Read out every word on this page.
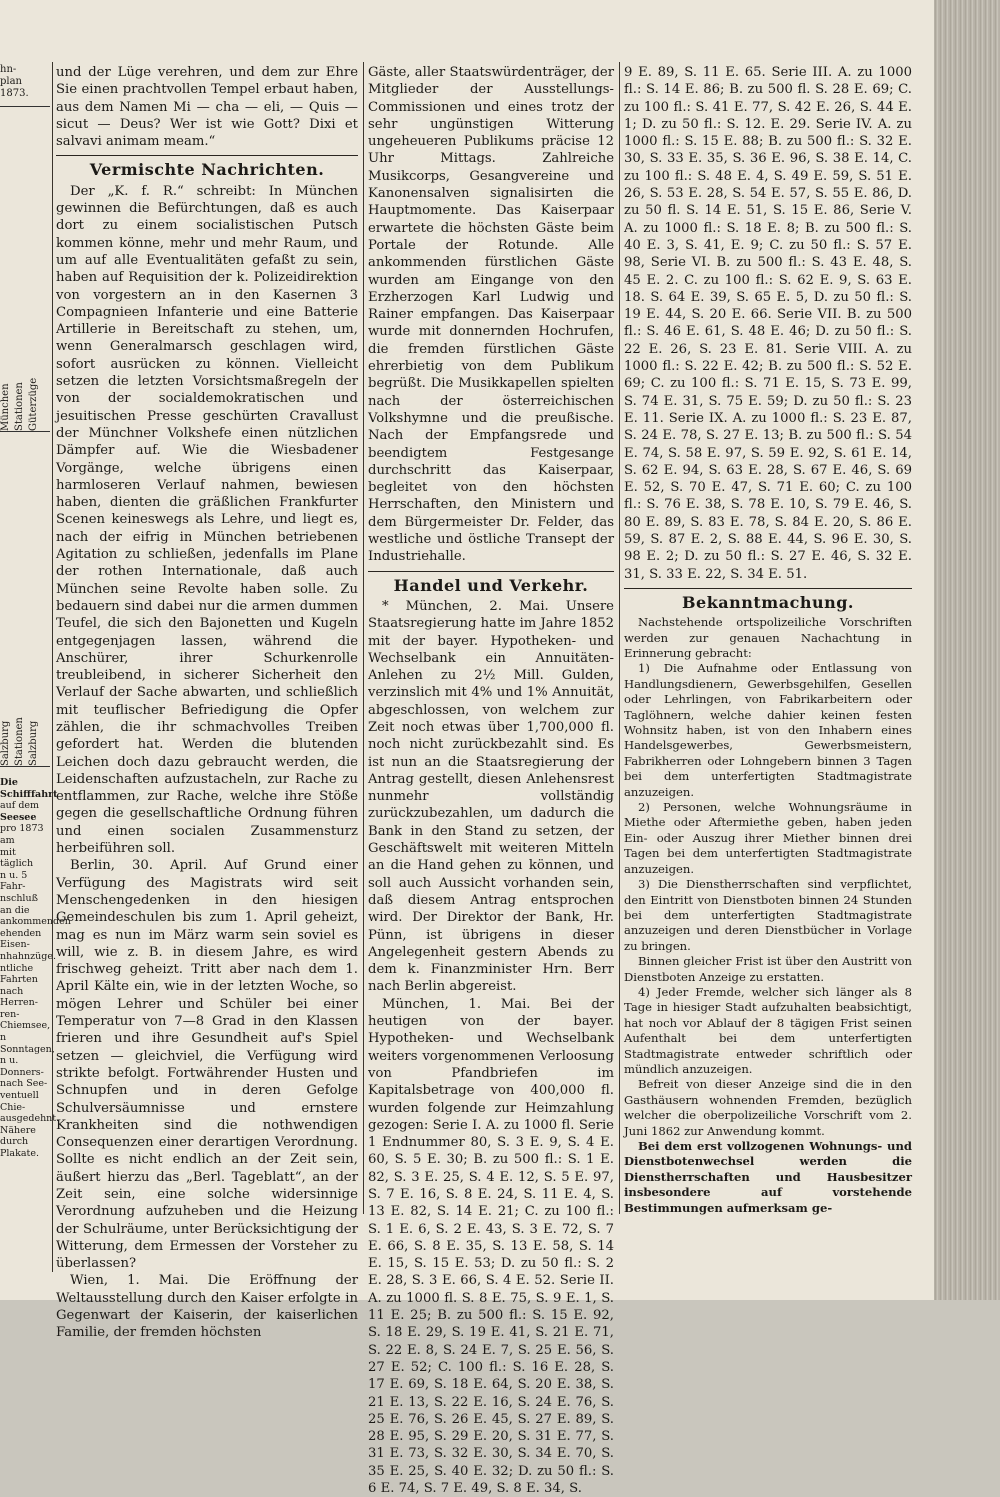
hn-
plan
1873.
München Stationen Güterzüge
Salzburg Stationen Salzburg
Die
Schifffahrt
auf dem
Seesee
pro 1873 am
mit täglich
n u. 5 Fahr-
nschluß an die
ankommenden
ehenden Eisen-
nhahnzüge.
ntliche Fahrten
nach Herren-
ren-Chiemsee,
n Sonntagen,
n u. Donners-
nach See-
ventuell Chie-
ausgedehnt.
Nähere durch
Plakate.

und der Lüge verehren, und dem zur Ehre Sie einen prachtvollen Tempel erbaut haben, aus dem Namen Mi — cha — eli, — Quis — sicut — Deus? Wer ist wie Gott? Dixi et salvavi animam meam.“

Vermischte Nachrichten.

Der „K. f. R.“ schreibt: In München gewinnen die Befürchtungen, daß es auch dort zu einem socialistischen Putsch kommen könne, mehr und mehr Raum, und um auf alle Eventualitäten gefaßt zu sein, haben auf Requisition der k. Polizeidirektion von vorgestern an in den Kasernen 3 Compagnieen Infanterie und eine Batterie Artillerie in Bereitschaft zu stehen, um, wenn Generalmarsch geschlagen wird, sofort ausrücken zu können. Vielleicht setzen die letzten Vorsichtsmaßregeln der von der socialdemokratischen und jesuitischen Presse geschürten Cravallust der Münchner Volkshefe einen nützlichen Dämpfer auf. Wie die Wiesbadener Vorgänge, welche übrigens einen harmloseren Verlauf nahmen, bewiesen haben, dienten die gräßlichen Frankfurter Scenen keineswegs als Lehre, und liegt es, nach der eifrig in München betriebenen Agitation zu schließen, jedenfalls im Plane der rothen Internationale, daß auch München seine Revolte haben solle. Zu bedauern sind dabei nur die armen dummen Teufel, die sich den Bajonetten und Kugeln entgegenjagen lassen, während die Anschürer, ihrer Schurkenrolle treubleibend, in sicherer Sicherheit den Verlauf der Sache abwarten, und schließlich mit teuflischer Befriedigung die Opfer zählen, die ihr schmachvolles Treiben gefordert hat. Werden die blutenden Leichen doch dazu gebraucht werden, die Leidenschaften aufzustacheln, zur Rache zu entflammen, zur Rache, welche ihre Stöße gegen die gesellschaftliche Ordnung führen und einen socialen Zusammensturz herbeiführen soll.

Berlin, 30. April. Auf Grund einer Verfügung des Magistrats wird seit Menschengedenken in den hiesigen Gemeindeschulen bis zum 1. April geheizt, mag es nun im März warm sein soviel es will, wie z. B. in diesem Jahre, es wird frischweg geheizt. Tritt aber nach dem 1. April Kälte ein, wie in der letzten Woche, so mögen Lehrer und Schüler bei einer Temperatur von 7—8 Grad in den Klassen frieren und ihre Gesundheit auf's Spiel setzen — gleichviel, die Verfügung wird strikte befolgt. Fortwährender Husten und Schnupfen und in deren Gefolge Schulversäumnisse und ernstere Krankheiten sind die nothwendigen Consequenzen einer derartigen Verordnung. Sollte es nicht endlich an der Zeit sein, äußert hierzu das „Berl. Tageblatt“, an der Zeit sein, eine solche widersinnige Verordnung aufzuheben und die Heizung der Schulräume, unter Berücksichtigung der Witterung, dem Ermessen der Vorsteher zu überlassen?

Wien, 1. Mai. Die Eröffnung der Weltausstellung durch den Kaiser erfolgte in Gegenwart der Kaiserin, der kaiserlichen Familie, der fremden höchsten

Gäste, aller Staatswürdenträger, der Mitglieder der Ausstellungs-Commissionen und eines trotz der sehr ungünstigen Witterung ungeheueren Publikums präcise 12 Uhr Mittags. Zahlreiche Musikcorps, Gesangvereine und Kanonensalven signalisirten die Hauptmomente. Das Kaiserpaar erwartete die höchsten Gäste beim Portale der Rotunde. Alle ankommenden fürstlichen Gäste wurden am Eingange von den Erzherzogen Karl Ludwig und Rainer empfangen. Das Kaiserpaar wurde mit donnernden Hochrufen, die fremden fürstlichen Gäste ehrerbietig von dem Publikum begrüßt. Die Musikkapellen spielten nach der österreichischen Volkshymne und die preußische. Nach der Empfangsrede und beendigtem Festgesange durchschritt das Kaiserpaar, begleitet von den höchsten Herrschaften, den Ministern und dem Bürgermeister Dr. Felder, das westliche und östliche Transept der Industriehalle.

Handel und Verkehr.

* München, 2. Mai. Unsere Staatsregierung hatte im Jahre 1852 mit der bayer. Hypotheken- und Wechselbank ein Annuitäten-Anlehen zu 2½ Mill. Gulden, verzinslich mit 4% und 1% Annuität, abgeschlossen, von welchem zur Zeit noch etwas über 1,700,000 fl. noch nicht zurückbezahlt sind. Es ist nun an die Staatsregierung der Antrag gestellt, diesen Anlehensrest nunmehr vollständig zurückzubezahlen, um dadurch die Bank in den Stand zu setzen, der Geschäftswelt mit weiteren Mitteln an die Hand gehen zu können, und soll auch Aussicht vorhanden sein, daß diesem Antrag entsprochen wird. Der Direktor der Bank, Hr. Pünn, ist übrigens in dieser Angelegenheit gestern Abends zu dem k. Finanzminister Hrn. Berr nach Berlin abgereist.

München, 1. Mai. Bei der heutigen von der bayer. Hypotheken- und Wechselbank weiters vorgenommenen Verloosung von Pfandbriefen im Kapitalsbetrage von 400,000 fl. wurden folgende zur Heimzahlung gezogen: Serie I. A. zu 1000 fl. Serie 1 Endnummer 80, S. 3 E. 9, S. 4 E. 60, S. 5 E. 30; B. zu 500 fl.: S. 1 E. 82, S. 3 E. 25, S. 4 E. 12, S. 5 E. 97, S. 7 E. 16, S. 8 E. 24, S. 11 E. 4, S. 13 E. 82, S. 14 E. 21; C. zu 100 fl.: S. 1 E. 6, S. 2 E. 43, S. 3 E. 72, S. 7 E. 66, S. 8 E. 35, S. 13 E. 58, S. 14 E. 15, S. 15 E. 53; D. zu 50 fl.: S. 2 E. 28, S. 3 E. 66, S. 4 E. 52. Serie II. A. zu 1000 fl. S. 8 E. 75, S. 9 E. 1, S. 11 E. 25; B. zu 500 fl.: S. 15 E. 92, S. 18 E. 29, S. 19 E. 41, S. 21 E. 71, S. 22 E. 8, S. 24 E. 7, S. 25 E. 56, S. 27 E. 52; C. 100 fl.: S. 16 E. 28, S. 17 E. 69, S. 18 E. 64, S. 20 E. 38, S. 21 E. 13, S. 22 E. 16, S. 24 E. 76, S. 25 E. 76, S. 26 E. 45, S. 27 E. 89, S. 28 E. 95, S. 29 E. 20, S. 31 E. 77, S. 31 E. 73, S. 32 E. 30, S. 34 E. 70, S. 35 E. 25, S. 40 E. 32; D. zu 50 fl.: S. 6 E. 74, S. 7 E. 49, S. 8 E. 34, S.

9 E. 89, S. 11 E. 65. Serie III. A. zu 1000 fl.: S. 14 E. 86; B. zu 500 fl. S. 28 E. 69; C. zu 100 fl.: S. 41 E. 77, S. 42 E. 26, S. 44 E. 1; D. zu 50 fl.: S. 12. E. 29. Serie IV. A. zu 1000 fl.: S. 15 E. 88; B. zu 500 fl.: S. 32 E. 30, S. 33 E. 35, S. 36 E. 96, S. 38 E. 14, C. zu 100 fl.: S. 48 E. 4, S. 49 E. 59, S. 51 E. 26, S. 53 E. 28, S. 54 E. 57, S. 55 E. 86, D. zu 50 fl. S. 14 E. 51, S. 15 E. 86, Serie V. A. zu 1000 fl.: S. 18 E. 8; B. zu 500 fl.: S. 40 E. 3, S. 41, E. 9; C. zu 50 fl.: S. 57 E. 98, Serie VI. B. zu 500 fl.: S. 43 E. 48, S. 45 E. 2. C. zu 100 fl.: S. 62 E. 9, S. 63 E. 18. S. 64 E. 39, S. 65 E. 5, D. zu 50 fl.: S. 19 E. 44, S. 20 E. 66. Serie VII. B. zu 500 fl.: S. 46 E. 61, S. 48 E. 46; D. zu 50 fl.: S. 22 E. 26, S. 23 E. 81. Serie VIII. A. zu 1000 fl.: S. 22 E. 42; B. zu 500 fl.: S. 52 E. 69; C. zu 100 fl.: S. 71 E. 15, S. 73 E. 99, S. 74 E. 31, S. 75 E. 59; D. zu 50 fl.: S. 23 E. 11. Serie IX. A. zu 1000 fl.: S. 23 E. 87, S. 24 E. 78, S. 27 E. 13; B. zu 500 fl.: S. 54 E. 74, S. 58 E. 97, S. 59 E. 92, S. 61 E. 14, S. 62 E. 94, S. 63 E. 28, S. 67 E. 46, S. 69 E. 52, S. 70 E. 47, S. 71 E. 60; C. zu 100 fl.: S. 76 E. 38, S. 78 E. 10, S. 79 E. 46, S. 80 E. 89, S. 83 E. 78, S. 84 E. 20, S. 86 E. 59, S. 87 E. 2, S. 88 E. 44, S. 96 E. 30, S. 98 E. 2; D. zu 50 fl.: S. 27 E. 46, S. 32 E. 31, S. 33 E. 22, S. 34 E. 51.

Bekanntmachung.

Nachstehende ortspolizeiliche Vorschriften werden zur genauen Nachachtung in Erinnerung gebracht:

1) Die Aufnahme oder Entlassung von Handlungsdienern, Gewerbsgehilfen, Gesellen oder Lehrlingen, von Fabrikarbeitern oder Taglöhnern, welche dahier keinen festen Wohnsitz haben, ist von den Inhabern eines Handelsgewerbes, Gewerbsmeistern, Fabrikherren oder Lohngebern binnen 3 Tagen bei dem unterfertigten Stadtmagistrate anzuzeigen.

2) Personen, welche Wohnungsräume in Miethe oder Aftermiethe geben, haben jeden Ein- oder Auszug ihrer Miether binnen drei Tagen bei dem unterfertigten Stadtmagistrate anzuzeigen.

3) Die Dienstherrschaften sind verpflichtet, den Eintritt von Dienstboten binnen 24 Stunden bei dem unterfertigten Stadtmagistrate anzuzeigen und deren Dienstbücher in Vorlage zu bringen.

Binnen gleicher Frist ist über den Austritt von Dienstboten Anzeige zu erstatten.

4) Jeder Fremde, welcher sich länger als 8 Tage in hiesiger Stadt aufzuhalten beabsichtigt, hat noch vor Ablauf der 8 tägigen Frist seinen Aufenthalt bei dem unterfertigten Stadtmagistrate entweder schriftlich oder mündlich anzuzeigen.

Befreit von dieser Anzeige sind die in den Gasthäusern wohnenden Fremden, bezüglich welcher die oberpolizeiliche Vorschrift vom 2. Juni 1862 zur Anwendung kommt.

Bei dem erst vollzogenen Wohnungs- und Dienstbotenwechsel werden die Dienstherrschaften und Hausbesitzer insbesondere auf vorstehende Bestimmungen aufmerksam ge-
